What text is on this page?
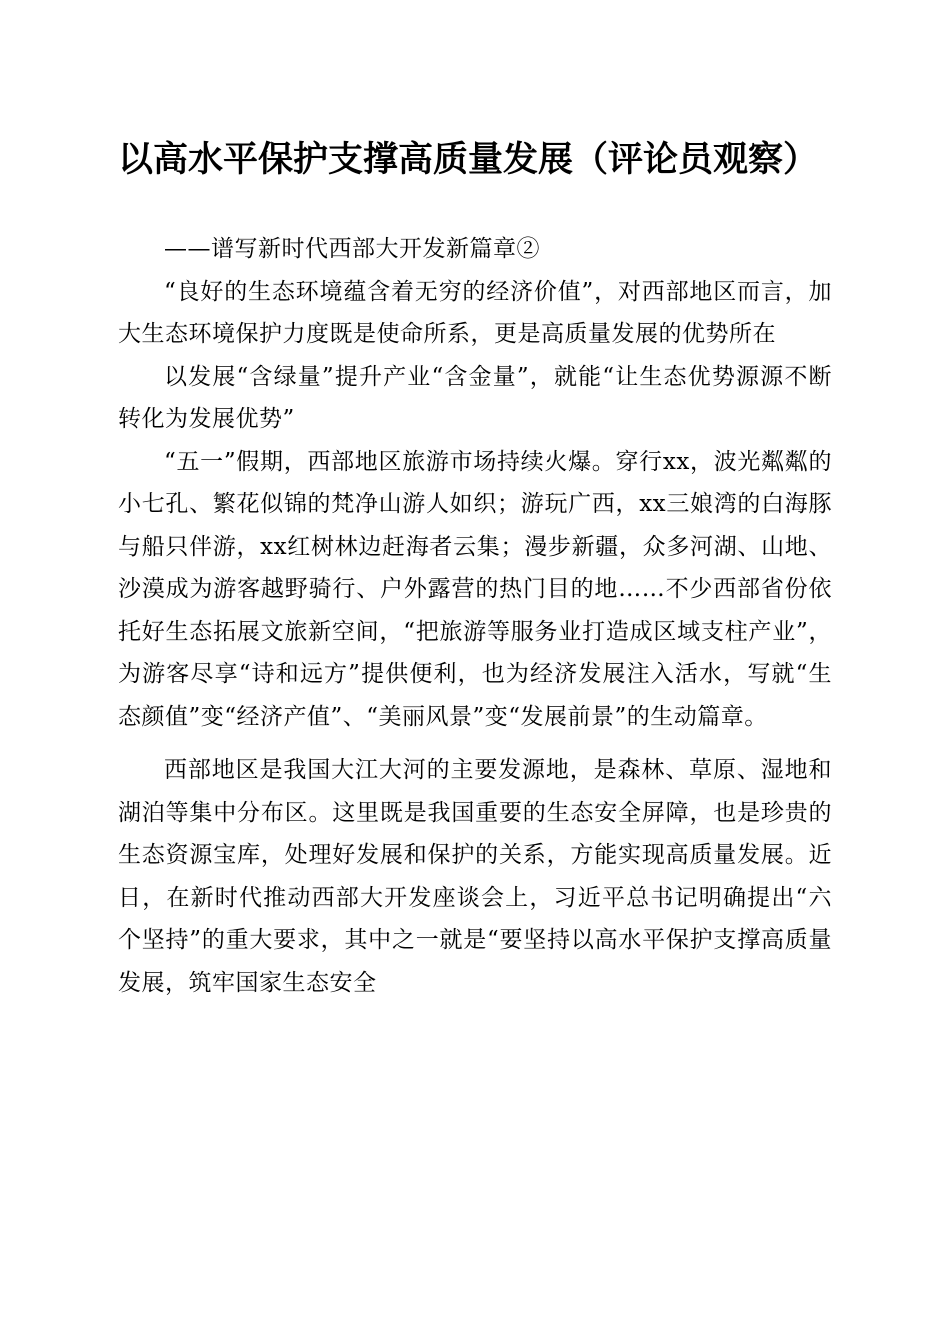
以高水平保护支撑高质量发展（评论员观察）

——谱写新时代西部大开发新篇章②

“良好的生态环境蕴含着无穷的经济价值”，对西部地区而言，加大生态环境保护力度既是使命所系，更是高质量发展的优势所在

以发展“含绿量”提升产业“含金量”，就能“让生态优势源源不断转化为发展优势”

“五一”假期，西部地区旅游市场持续火爆。穿行xx，波光粼粼的小七孔、繁花似锦的梵净山游人如织；游玩广西，xx三娘湾的白海豚与船只伴游，xx红树林边赶海者云集；漫步新疆，众多河湖、山地、沙漠成为游客越野骑行、户外露营的热门目的地……不少西部省份依托好生态拓展文旅新空间，“把旅游等服务业打造成区域支柱产业”，为游客尽享“诗和远方”提供便利，也为经济发展注入活水，写就“生态颜值”变“经济产值”、“美丽风景”变“发展前景”的生动篇章。

西部地区是我国大江大河的主要发源地，是森林、草原、湿地和湖泊等集中分布区。这里既是我国重要的生态安全屏障，也是珍贵的生态资源宝库，处理好发展和保护的关系，方能实现高质量发展。近日，在新时代推动西部大开发座谈会上，习近平总书记明确提出“六个坚持”的重大要求，其中之一就是“要坚持以高水平保护支撑高质量发展，筑牢国家生态安全
